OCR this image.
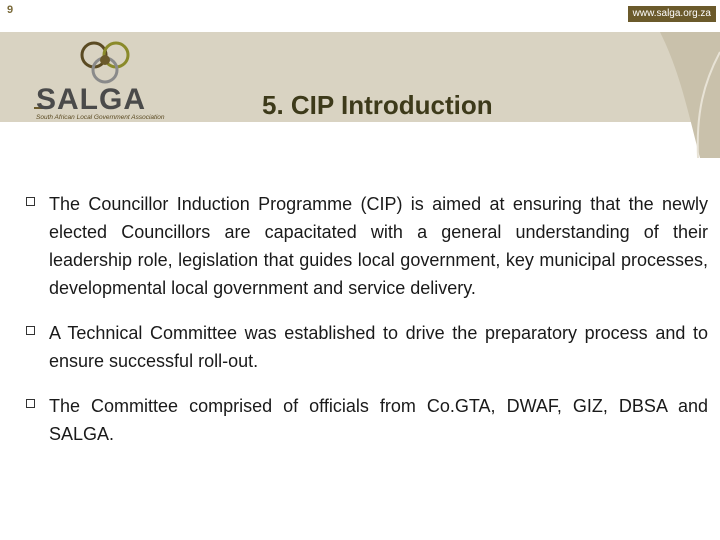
9	www.salga.org.za
SALGA
South African Local Government Association	5. CIP Introduction
The Councillor Induction Programme (CIP) is aimed at ensuring that the newly elected Councillors are capacitated with a general understanding of their leadership role, legislation that guides local government, key municipal processes, developmental local government and service delivery.
A Technical Committee was established to drive the preparatory process and to ensure successful roll-out.
The Committee comprised of officials from Co.GTA, DWAF, GIZ, DBSA and SALGA.
